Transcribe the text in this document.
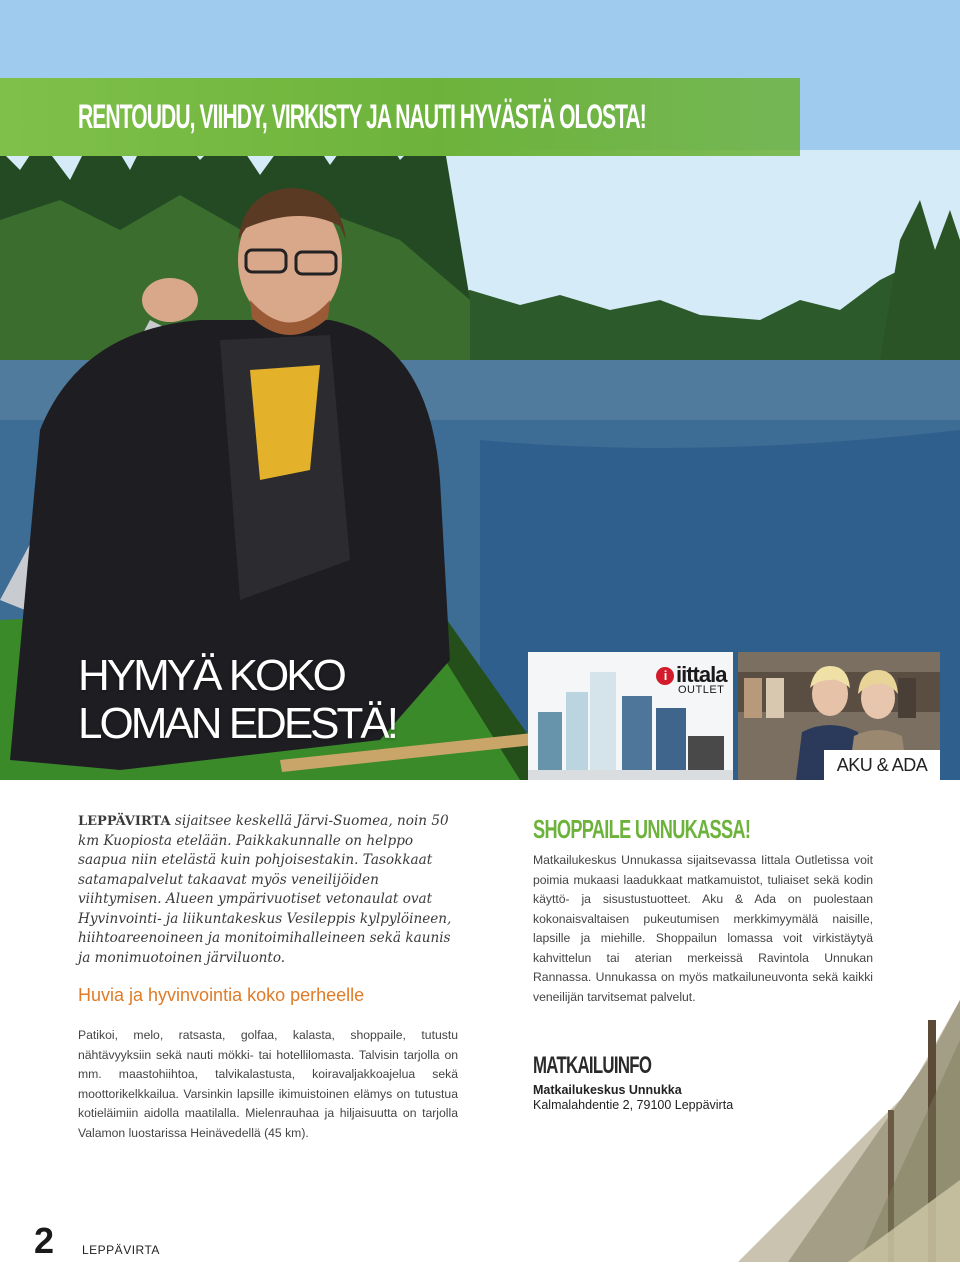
RENTOUDU, VIIHDY, VIRKISTY JA NAUTI HYVÄSTÄ OLOSTA!
HYMYÄ KOKO
LOMAN EDESTÄ!
i iittala
OUTLET
AKU & ADA
LEPPÄVIRTA sijaitsee keskellä Järvi-Suomea, noin 50 km Kuopiosta etelään. Paikkakunnalle on helppo saapua niin etelästä kuin pohjoisestakin. Tasokkaat satamapalvelut takaavat myös veneilijöiden viihtymisen. Alueen ympärivuotiset vetonaulat ovat Hyvinvointi- ja liikuntakeskus Vesileppis kylpylöineen, hiihtoareenoineen ja monitoimihalleineen sekä kaunis ja monimuotoinen järviluonto.
Huvia ja hyvinvointia koko perheelle
Patikoi, melo, ratsasta, golfaa, kalasta, shoppaile, tutustu nähtävyyksiin sekä nauti mökki- tai hotellilomasta. Talvisin tarjolla on mm. maastohiihtoa, talvikalastusta, koiravaljakkoajelua sekä moottorikelkkailua. Varsinkin lapsille ikimuistoinen elämys on tutustua kotieläimiin aidolla maatilalla. Mielenrauhaa ja hiljaisuutta on tarjolla Valamon luostarissa Heinävedellä (45 km).
SHOPPAILE UNNUKASSA!
Matkailukeskus Unnukassa sijaitsevassa Iittala Outletissa voit poimia mukaasi laadukkaat matkamuistot, tuliaiset sekä kodin käyttö- ja sisustustuotteet. Aku & Ada on puolestaan kokonaisvaltaisen pukeutumisen merkkimyymälä naisille, lapsille ja miehille. Shoppailun lomassa voit virkistäytyä kahvittelun tai aterian merkeissä Ravintola Unnukan Rannassa. Unnukassa on myös matkailuneuvonta sekä kaikki veneilijän tarvitsemat palvelut.
MATKAILUINFO
Matkailukeskus Unnukka
Kalmalahdentie 2, 79100 Leppävirta
2 LEPPÄVIRTA
